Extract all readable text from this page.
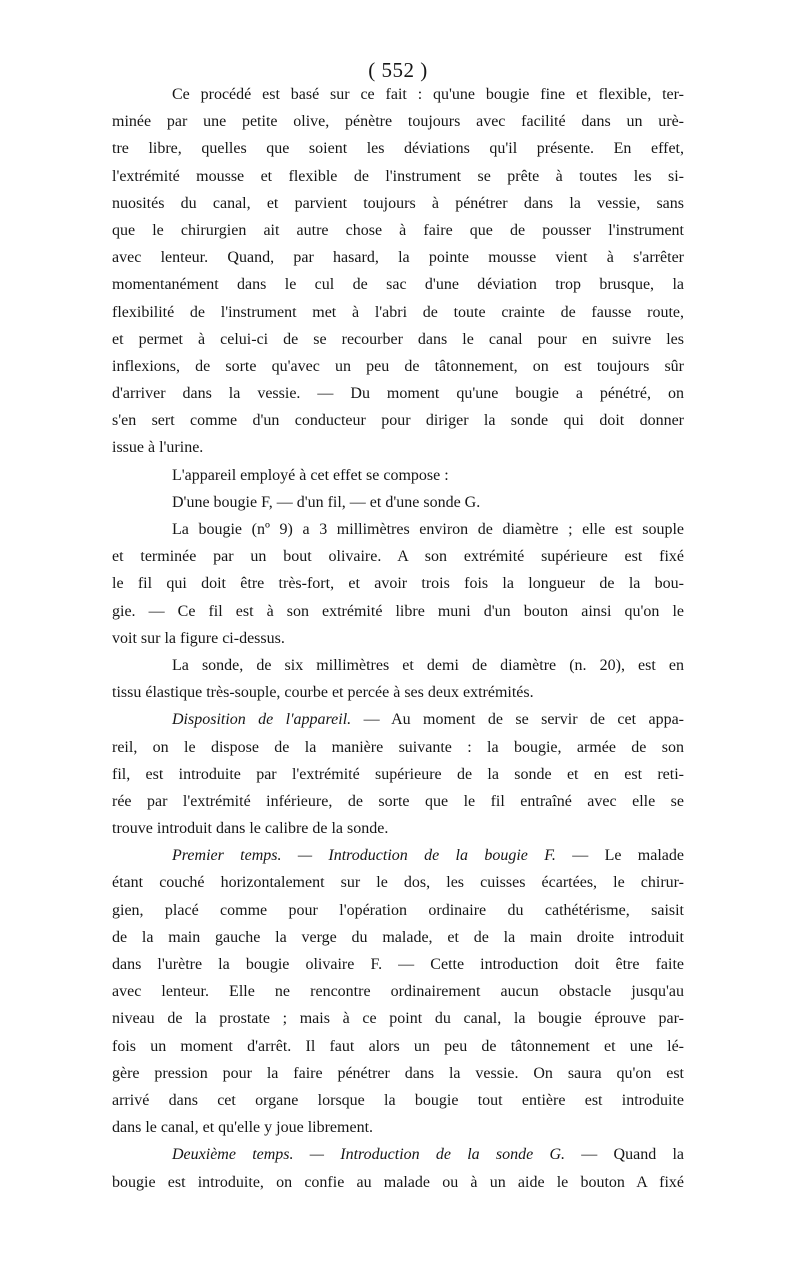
( 552 )
Ce procédé est basé sur ce fait : qu'une bougie fine et flexible, ter-
minée par une petite olive, pénètre toujours avec facilité dans un urè-
tre libre, quelles que soient les déviations qu'il présente. En effet,
l'extrémité mousse et flexible de l'instrument se prête à toutes les si-
nuosités du canal, et parvient toujours à pénétrer dans la vessie, sans
que le chirurgien ait autre chose à faire que de pousser l'instrument
avec lenteur. Quand, par hasard, la pointe mousse vient à s'arrêter
momentanément dans le cul de sac d'une déviation trop brusque, la
flexibilité de l'instrument met à l'abri de toute crainte de fausse route,
et permet à celui-ci de se recourber dans le canal pour en suivre les
inflexions, de sorte qu'avec un peu de tâtonnement, on est toujours sûr
d'arriver dans la vessie. — Du moment qu'une bougie a pénétré, on
s'en sert comme d'un conducteur pour diriger la sonde qui doit donner
issue à l'urine.
L'appareil employé à cet effet se compose :
D'une bougie F, — d'un fil, — et d'une sonde G.
La bougie (nº 9) a 3 millimètres environ de diamètre ; elle est souple
et terminée par un bout olivaire. A son extrémité supérieure est fixé
le fil qui doit être très-fort, et avoir trois fois la longueur de la bou-
gie. — Ce fil est à son extrémité libre muni d'un bouton ainsi qu'on le
voit sur la figure ci-dessus.
La sonde, de six millimètres et demi de diamètre (n. 20), est en
tissu élastique très-souple, courbe et percée à ses deux extrémités.
Disposition de l'appareil. — Au moment de se servir de cet appa-
reil, on le dispose de la manière suivante : la bougie, armée de son
fil, est introduite par l'extrémité supérieure de la sonde et en est reti-
rée par l'extrémité inférieure, de sorte que le fil entraîné avec elle se
trouve introduit dans le calibre de la sonde.
Premier temps. — Introduction de la bougie F. — Le malade
étant couché horizontalement sur le dos, les cuisses écartées, le chirur-
gien, placé comme pour l'opération ordinaire du cathétérisme, saisit
de la main gauche la verge du malade, et de la main droite introduit
dans l'urètre la bougie olivaire F. — Cette introduction doit être faite
avec lenteur. Elle ne rencontre ordinairement aucun obstacle jusqu'au
niveau de la prostate ; mais à ce point du canal, la bougie éprouve par-
fois un moment d'arrêt. Il faut alors un peu de tâtonnement et une lé-
gère pression pour la faire pénétrer dans la vessie. On saura qu'on est
arrivé dans cet organe lorsque la bougie tout entière est introduite
dans le canal, et qu'elle y joue librement.
Deuxième temps. — Introduction de la sonde G. — Quand la
bougie est introduite, on confie au malade ou à un aide le bouton A fixé
